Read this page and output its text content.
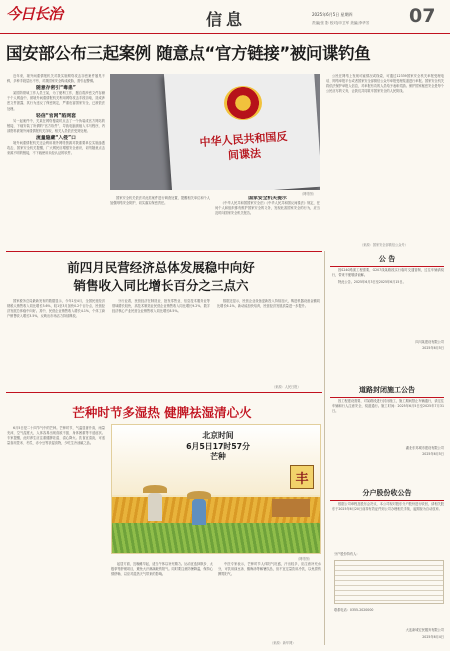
今日长治	信息	2025年6月5日 星期四
责编|张 影 校对|申卫军 美编|李华芳 07
国安部公布三起案例 随意点“官方链接”被问谍钓鱼

近年来，境外间谍情报机关对我实施网络攻击窃密案件屡见不鲜，多种手段层出不穷，对我国家安全构成威胁，需引起警惕。

随意存密引“毒患”

某国防领域工作人员王某，为了便利工作，擅自将涉密文件存储于个人网盘中，被境外间谍情报机关利用网络攻击手段窃取，造成涉密文件泄露，其行为违反了保密规定，严重危害国家安全，已被依法处理。

轻信“官网”陷网套

另一起案件中，关某在网络搜索时点击了一个伪装成官方网站的链接，下载安装了所谓的“官方软件”，导致电脑被植入木马程序，内部资料被境外间谍情报机关窃取，相关人员依法受到处理。

流量隐藏“入侵”口

境外间谍情报机关还会利用境外网络资源对我重要单位实施渗透攻击，国家安全机关提醒，广大网民应增强安全意识，切勿随意点击来源不明的链接，不下载使用未经认证的软件。

中华人民共和国反间谍法
（网络图）

国家安全机关依法对此类案件进行调查处置，提醒相关单位和个人加强网络安全防护，切实落实保密责任。

国家安全机关提示

《中华人民共和国国家安全法》《中华人民共和国反间谍法》规定，任何个人和组织都有维护国家安全的义务，发现危害国家安全的行为，应当及时向国家安全机关报告。

公民在网络上发现可疑情况或线索，可通过12339国家安全机关举报受理电话、网络举报平台或者国家安全部微信公众号举报受理渠道进行举报。国家安全机关将依法保护举报人信息，对举报有功的人员给予表彰奖励。保护国家秘密安全是每个公民应尽的义务，让我们共同筑牢国家安全的人民防线。

（来源：国家安全部微信公众号）
前四月民营经济总体发展稳中向好
销售收入同比增长百分之三点六

国家税务总局最新发布的数据显示，今年1至4月，全国民营经济纳税人销售收入同比增长3.6%，较1至3月加快0.2个百分点，民营经济发展总体稳中向好。其中，民营企业销售收入增长4.1%，个体工商户销售收入增长3.5%，反映出市场活力持续释放。

分行业看，民营经济在制造业、批发零售业、信息技术服务业等领域增长较快，高技术制造业民营企业销售收入同比增长9.2%，数字经济核心产业民营企业销售收入同比增长8.5%。

数据还显示，民营企业设备更新投入持续加大，购进机器设备金额同比增长6.1%，新动能加快培育，民营经济发展质量进一步提升。

（来源：人民日报）
芒种时节多湿热 健脾祛湿清心火

6月5日是二十四节气中的芒种。芒种时节，气温显著升高，雨量充沛，空气湿度大，人体容易出现食欲不振、身体困重等不适症状。专家提醒，此时养生应注重健脾祛湿、清心降火。饮食宜清淡，可适量食用薏米、冬瓜、赤小豆等祛湿食物，少吃生冷油腻之品。

北京时间
6月5日17时57分
芒种
丰
（网络图）

起居方面，宜晚睡早起，适当午休以补充精力。运动宜选择散步、太极拳等舒缓项目，避免大汗淋漓耗伤阳气。同时要注意防暑降温，保持心情舒畅，以应对湿热天气带来的影响。

中医专家表示，芒种时节人体阳气旺盛，汗出较多，应注意补充水分，可饮用绿豆汤、酸梅汤等解暑饮品，但不宜过量饮用冷饮，以免损伤脾胃阳气。

（来源：新华网）
公 告

因S240路面工程需要，G207线某路段实行临时交通管制，过往车辆请绕行，带来不便敬请谅解。

特此公告。2025年6月3日至2025年6月15日。

四川某建设有限公司
2025年6月5日
道路封闭施工公告

因工程建设需要，对某路段进行封闭施工，施工期间禁止车辆通行，请过往车辆和行人注意安全，绕道通行。施工时间：2025年6月5日至2025年7月31日。

湖北东邦城市建设有限公司
2025年6月5日
分户股份收公告

根据公司章程及股东会决议，本公司现对股东分户股份进行收回，请相关股东于2025年6月20日前持有效证件到公司办理相关手续，逾期视为自动放弃。

分户股份持有人：
联系电话：0355-2020000
大连新城宏民服务有限公司
2025年6月4日
